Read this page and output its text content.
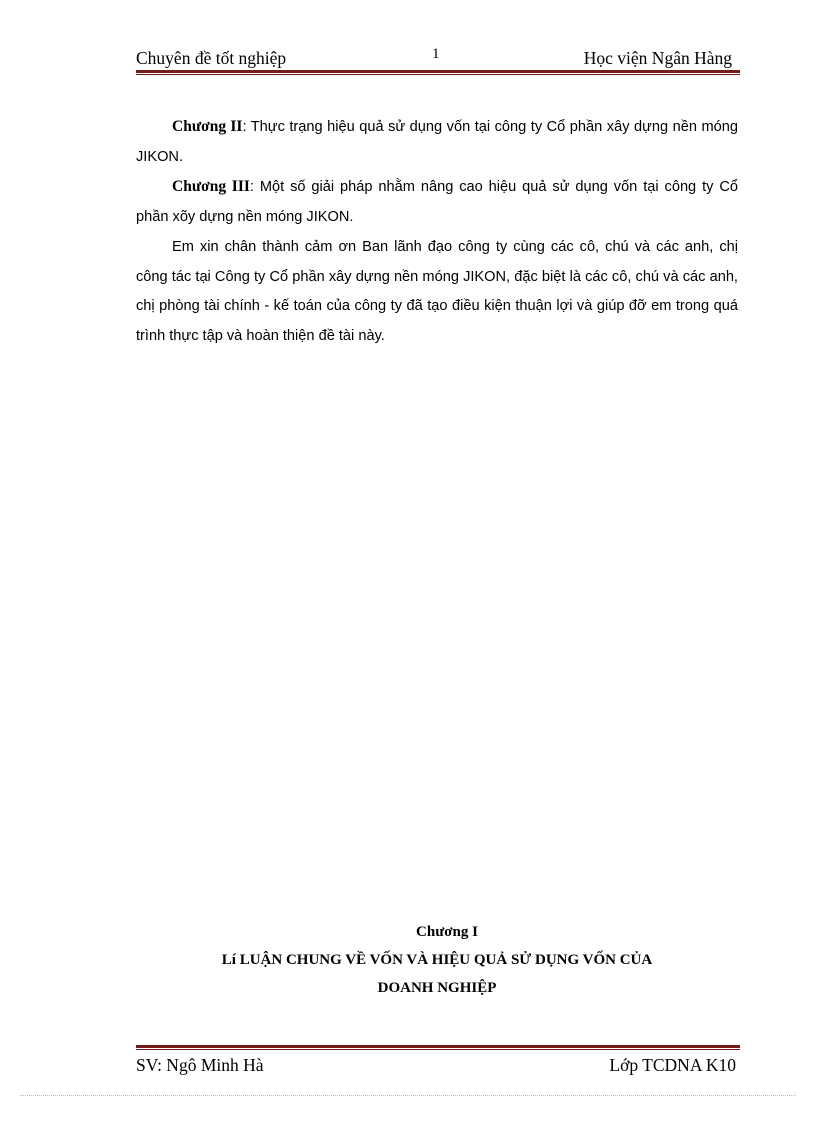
Chuyên đề tốt nghiệp	1	Học viện Ngân Hàng

Chương II: Thực trạng hiệu quả sử dụng vốn tại công ty Cổ phần xây dựng nền móng JIKON.

Chương III: Một số giải pháp nhằm nâng cao hiệu quả sử dụng vốn tại công ty Cổ phần xõy dựng nền móng JIKON.

Em xin chân thành cảm ơn Ban lãnh đạo công ty cùng các cô, chú và các anh, chị công tác tại Công ty Cổ phần xây dựng nền móng JIKON, đặc biệt là các cô, chú và các anh, chị phòng tài chính - kế toán của công ty đã tạo điều kiện thuận lợi và giúp đỡ em trong quá trình thực tập và hoàn thiện đề tài này.

Chương I
Lí LUẬN CHUNG VỀ VỐN VÀ HIỆU QUẢ SỬ DỤNG VỐN CỦA
DOANH NGHIỆP
SV: Ngô Minh Hà	Lớp TCDNA K10
